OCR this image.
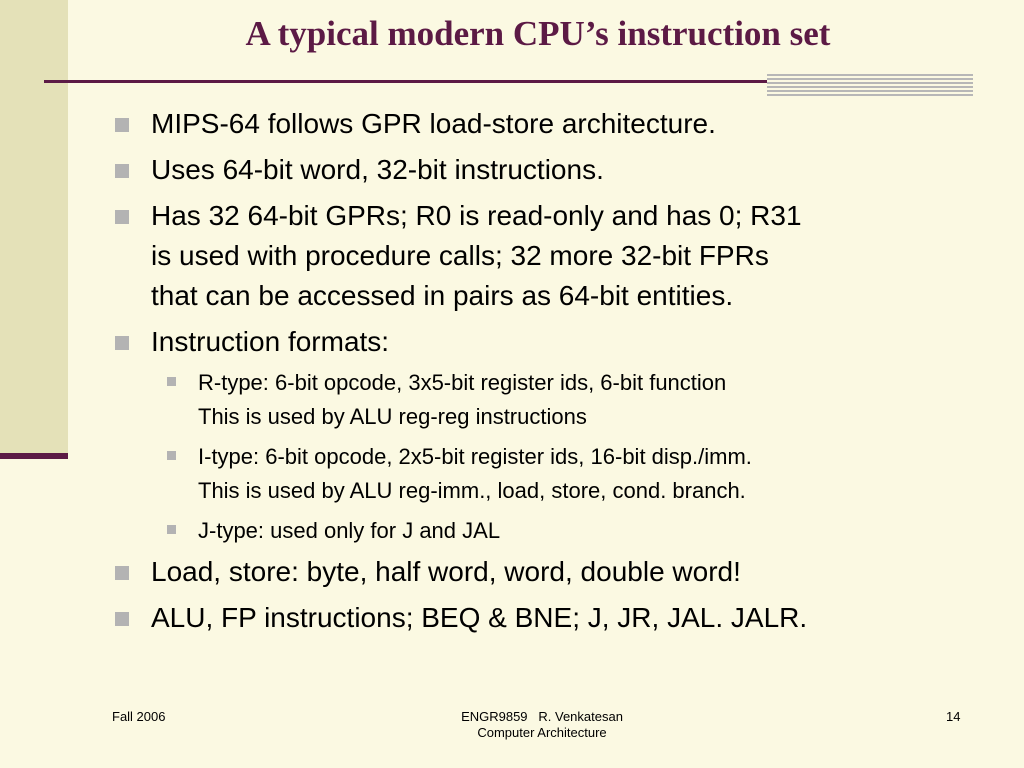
A typical modern CPU’s instruction set
MIPS-64 follows GPR load-store architecture.
Uses 64-bit word, 32-bit instructions.
Has 32 64-bit GPRs; R0 is read-only and has 0; R31
is used with procedure calls; 32 more 32-bit FPRs
that can be accessed in pairs as 64-bit entities.
Instruction formats:
R-type: 6-bit opcode, 3x5-bit register ids, 6-bit function
This is used by ALU reg-reg instructions
I-type: 6-bit opcode, 2x5-bit register ids, 16-bit disp./imm.
This is used by ALU reg-imm., load, store, cond. branch.
J-type: used only for J and JAL
Load, store: byte, half word, word, double word!
ALU, FP instructions; BEQ & BNE; J, JR, JAL. JALR.
Fall 2006	ENGR9859   R. Venkatesan
Computer Architecture
14
